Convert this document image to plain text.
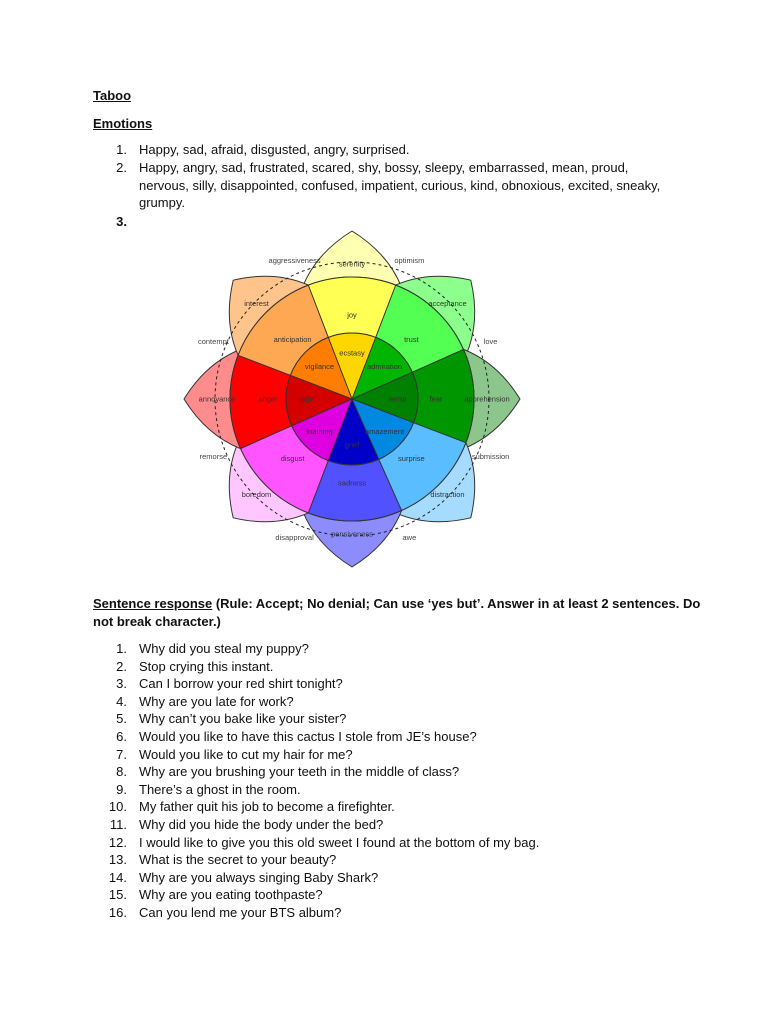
Taboo
Emotions
1. Happy, sad, afraid, disgusted, angry, surprised.
2. Happy, angry, sad, frustrated, scared, shy, bossy, sleepy, embarrassed, mean, proud,
nervous, silly, disappointed, confused, impatient, curious, kind, obnoxious, excited, sneaky,
grumpy.
3.
ecstasy
joy
serenity
admiration
trust
acceptance
terror	fear	apprehension
amazement
surprise
distraction
grief
sadness
pensiveness
loathing
disgust
boredom
rage
anger
annoyance
vigilance
anticipation
interest
optimism
love
submission
awe
disapproval
remorse
contempt
aggressiveness
Sentence response (Rule: Accept; No denial; Can use ‘yes but’. Answer in at least 2 sentences. Do
not break character.)
1. Why did you steal my puppy?
2. Stop crying this instant.
3. Can I borrow your red shirt tonight?
4. Why are you late for work?
5. Why can’t you bake like your sister?
6. Would you like to have this cactus I stole from JE’s house?
7. Would you like to cut my hair for me?
8. Why are you brushing your teeth in the middle of class?
9. There’s a ghost in the room.
10. My father quit his job to become a firefighter.
11. Why did you hide the body under the bed?
12. I would like to give you this old sweet I found at the bottom of my bag.
13. What is the secret to your beauty?
14. Why are you always singing Baby Shark?
15. Why are you eating toothpaste?
16. Can you lend me your BTS album?
